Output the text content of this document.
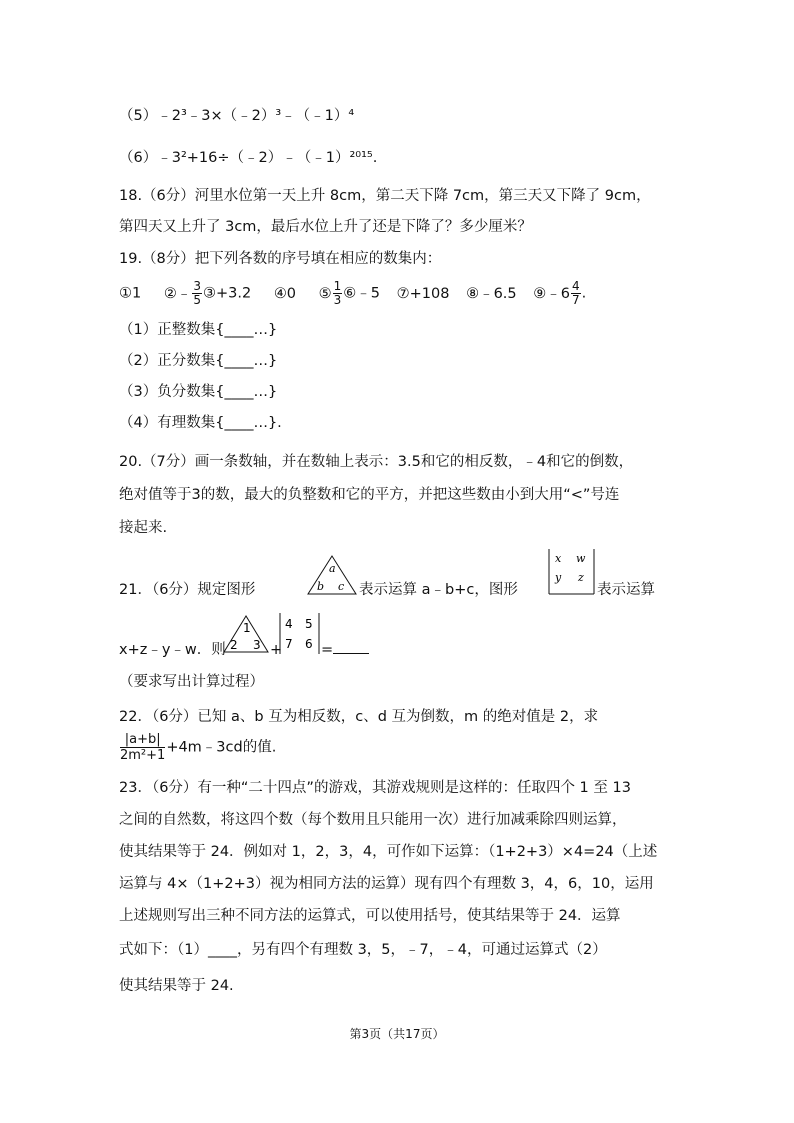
（5）﹣2³﹣3×（﹣2）³﹣（﹣1）⁴
（6）﹣3²+16÷（﹣2）﹣（﹣1）²⁰¹⁵.
18.（6分）河里水位第一天上升 8cm，第二天下降 7cm，第三天又下降了 9cm，
第四天又上升了 3cm，最后水位上升了还是下降了？多少厘米？
19.（8分）把下列各数的序号填在相应的数集内：
①1 ②﹣ $\frac{3}{5}$ ③+3.2 ④0 ⑤ $\frac{1}{3}$ ⑥﹣5 ⑦+108 ⑧﹣6.5 ⑨﹣6 $\frac{4}{7}$ .
（1）正整数集{____…}
（2）正分数集{____…}
（3）负分数集{____…}
（4）有理数集{____…}.
20.（7分）画一条数轴，并在数轴上表示：3.5和它的相反数，﹣4和它的倒数，
绝对值等于3的数，最大的负整数和它的平方，并把这些数由小到大用“<”号连
接起来.
21．（6分）规定图形
a
b c 表示运算 a﹣b+c，图形
x w
y z
表示运算
x+z﹣y﹣w．则
1
2 3 +
4 5
7 6 =
（要求写出计算过程）
22．（6分）已知 a、b 互为相反数，c、d 互为倒数，m 的绝对值是 2，求
$\frac{|a+b|}{\text{2m²+1}}$ +4m﹣3cd的值.
23．（6分）有一种“二十四点”的游戏，其游戏规则是这样的：任取四个 1 至 13
之间的自然数，将这四个数（每个数用且只能用一次）进行加减乘除四则运算，
使其结果等于 24．例如对 1，2，3，4，可作如下运算：（1+2+3）×4=24（上述
运算与 4×（1+2+3）视为相同方法的运算）现有四个有理数 3，4，6，10，运用
上述规则写出三种不同方法的运算式，可以使用括号，使其结果等于 24．运算
式如下：（1）____，另有四个有理数 3，5，﹣7，﹣4，可通过运算式（2）
使其结果等于 24.
第3页（共17页）
